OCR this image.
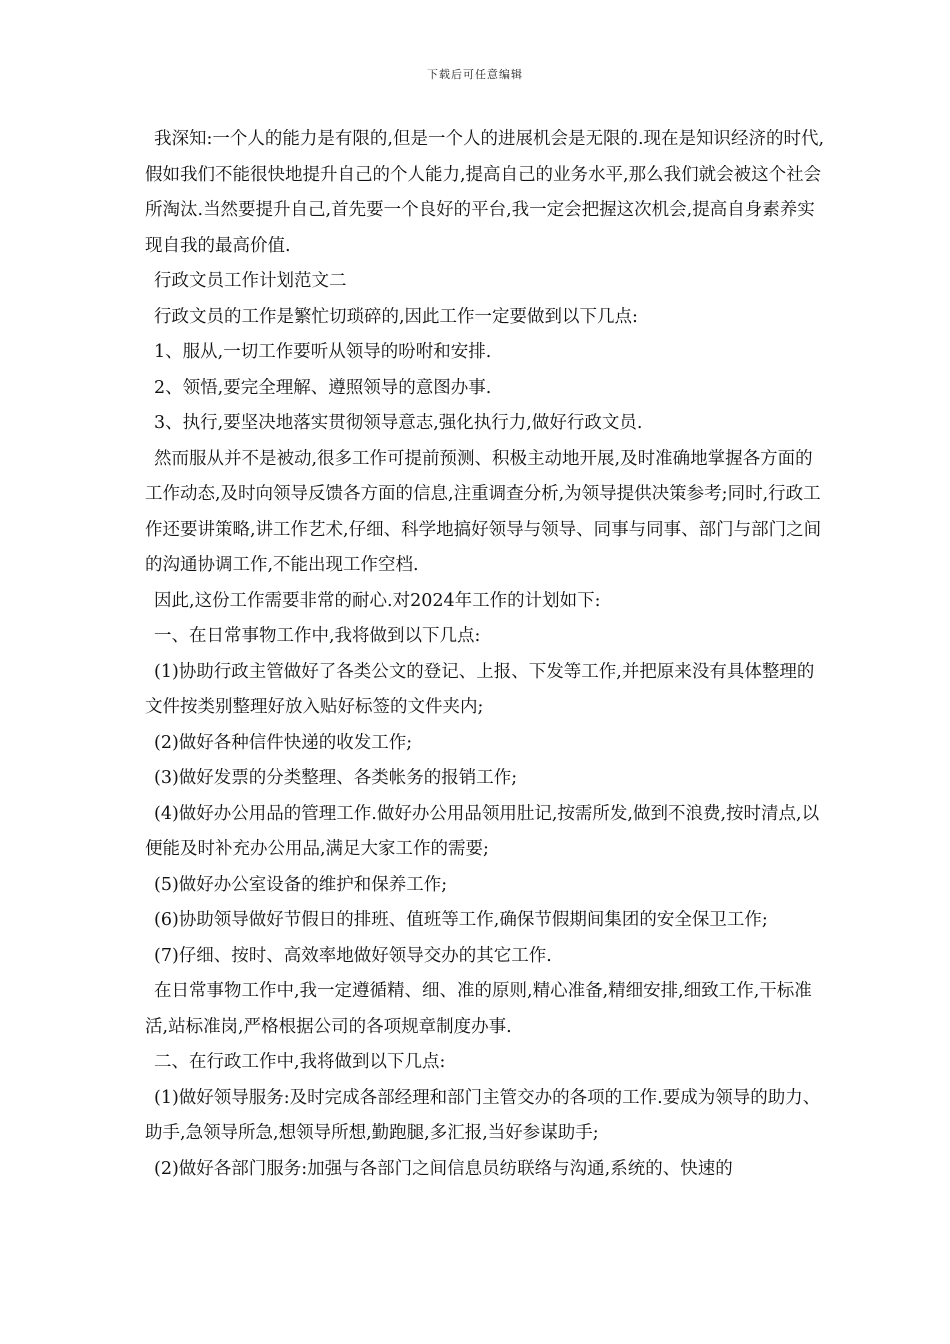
下载后可任意编辑

我深知:一个人的能力是有限的,但是一个人的进展机会是无限的.现在是知识经济的时代,假如我们不能很快地提升自己的个人能力,提高自己的业务水平,那么我们就会被这个社会所淘汰.当然要提升自己,首先要一个良好的平台,我一定会把握这次机会,提高自身素养实现自我的最高价值.

行政文员工作计划范文二

行政文员的工作是繁忙切琐碎的,因此工作一定要做到以下几点:

1、服从,一切工作要听从领导的吩咐和安排.

2、领悟,要完全理解、遵照领导的意图办事.

3、执行,要坚决地落实贯彻领导意志,强化执行力,做好行政文员.

然而服从并不是被动,很多工作可提前预测、积极主动地开展,及时准确地掌握各方面的工作动态,及时向领导反馈各方面的信息,注重调查分析,为领导提供决策参考;同时,行政工作还要讲策略,讲工作艺术,仔细、科学地搞好领导与领导、同事与同事、部门与部门之间的沟通协调工作,不能出现工作空档.

因此,这份工作需要非常的耐心.对2024年工作的计划如下:

一、在日常事物工作中,我将做到以下几点:

(1)协助行政主管做好了各类公文的登记、上报、下发等工作,并把原来没有具体整理的文件按类别整理好放入贴好标签的文件夹内;

(2)做好各种信件快递的收发工作;

(3)做好发票的分类整理、各类帐务的报销工作;

(4)做好办公用品的管理工作.做好办公用品领用肚记,按需所发,做到不浪费,按时清点,以便能及时补充办公用品,满足大家工作的需要;

(5)做好办公室设备的维护和保养工作;

(6)协助领导做好节假日的排班、值班等工作,确保节假期间集团的安全保卫工作;

(7)仔细、按时、高效率地做好领导交办的其它工作.

在日常事物工作中,我一定遵循精、细、准的原则,精心准备,精细安排,细致工作,干标准活,站标准岗,严格根据公司的各项规章制度办事.

二、在行政工作中,我将做到以下几点:

(1)做好领导服务:及时完成各部经理和部门主管交办的各项的工作.要成为领导的助力、助手,急领导所急,想领导所想,勤跑腿,多汇报,当好参谋助手;

(2)做好各部门服务:加强与各部门之间信息员纺联络与沟通,系统的、快速的
